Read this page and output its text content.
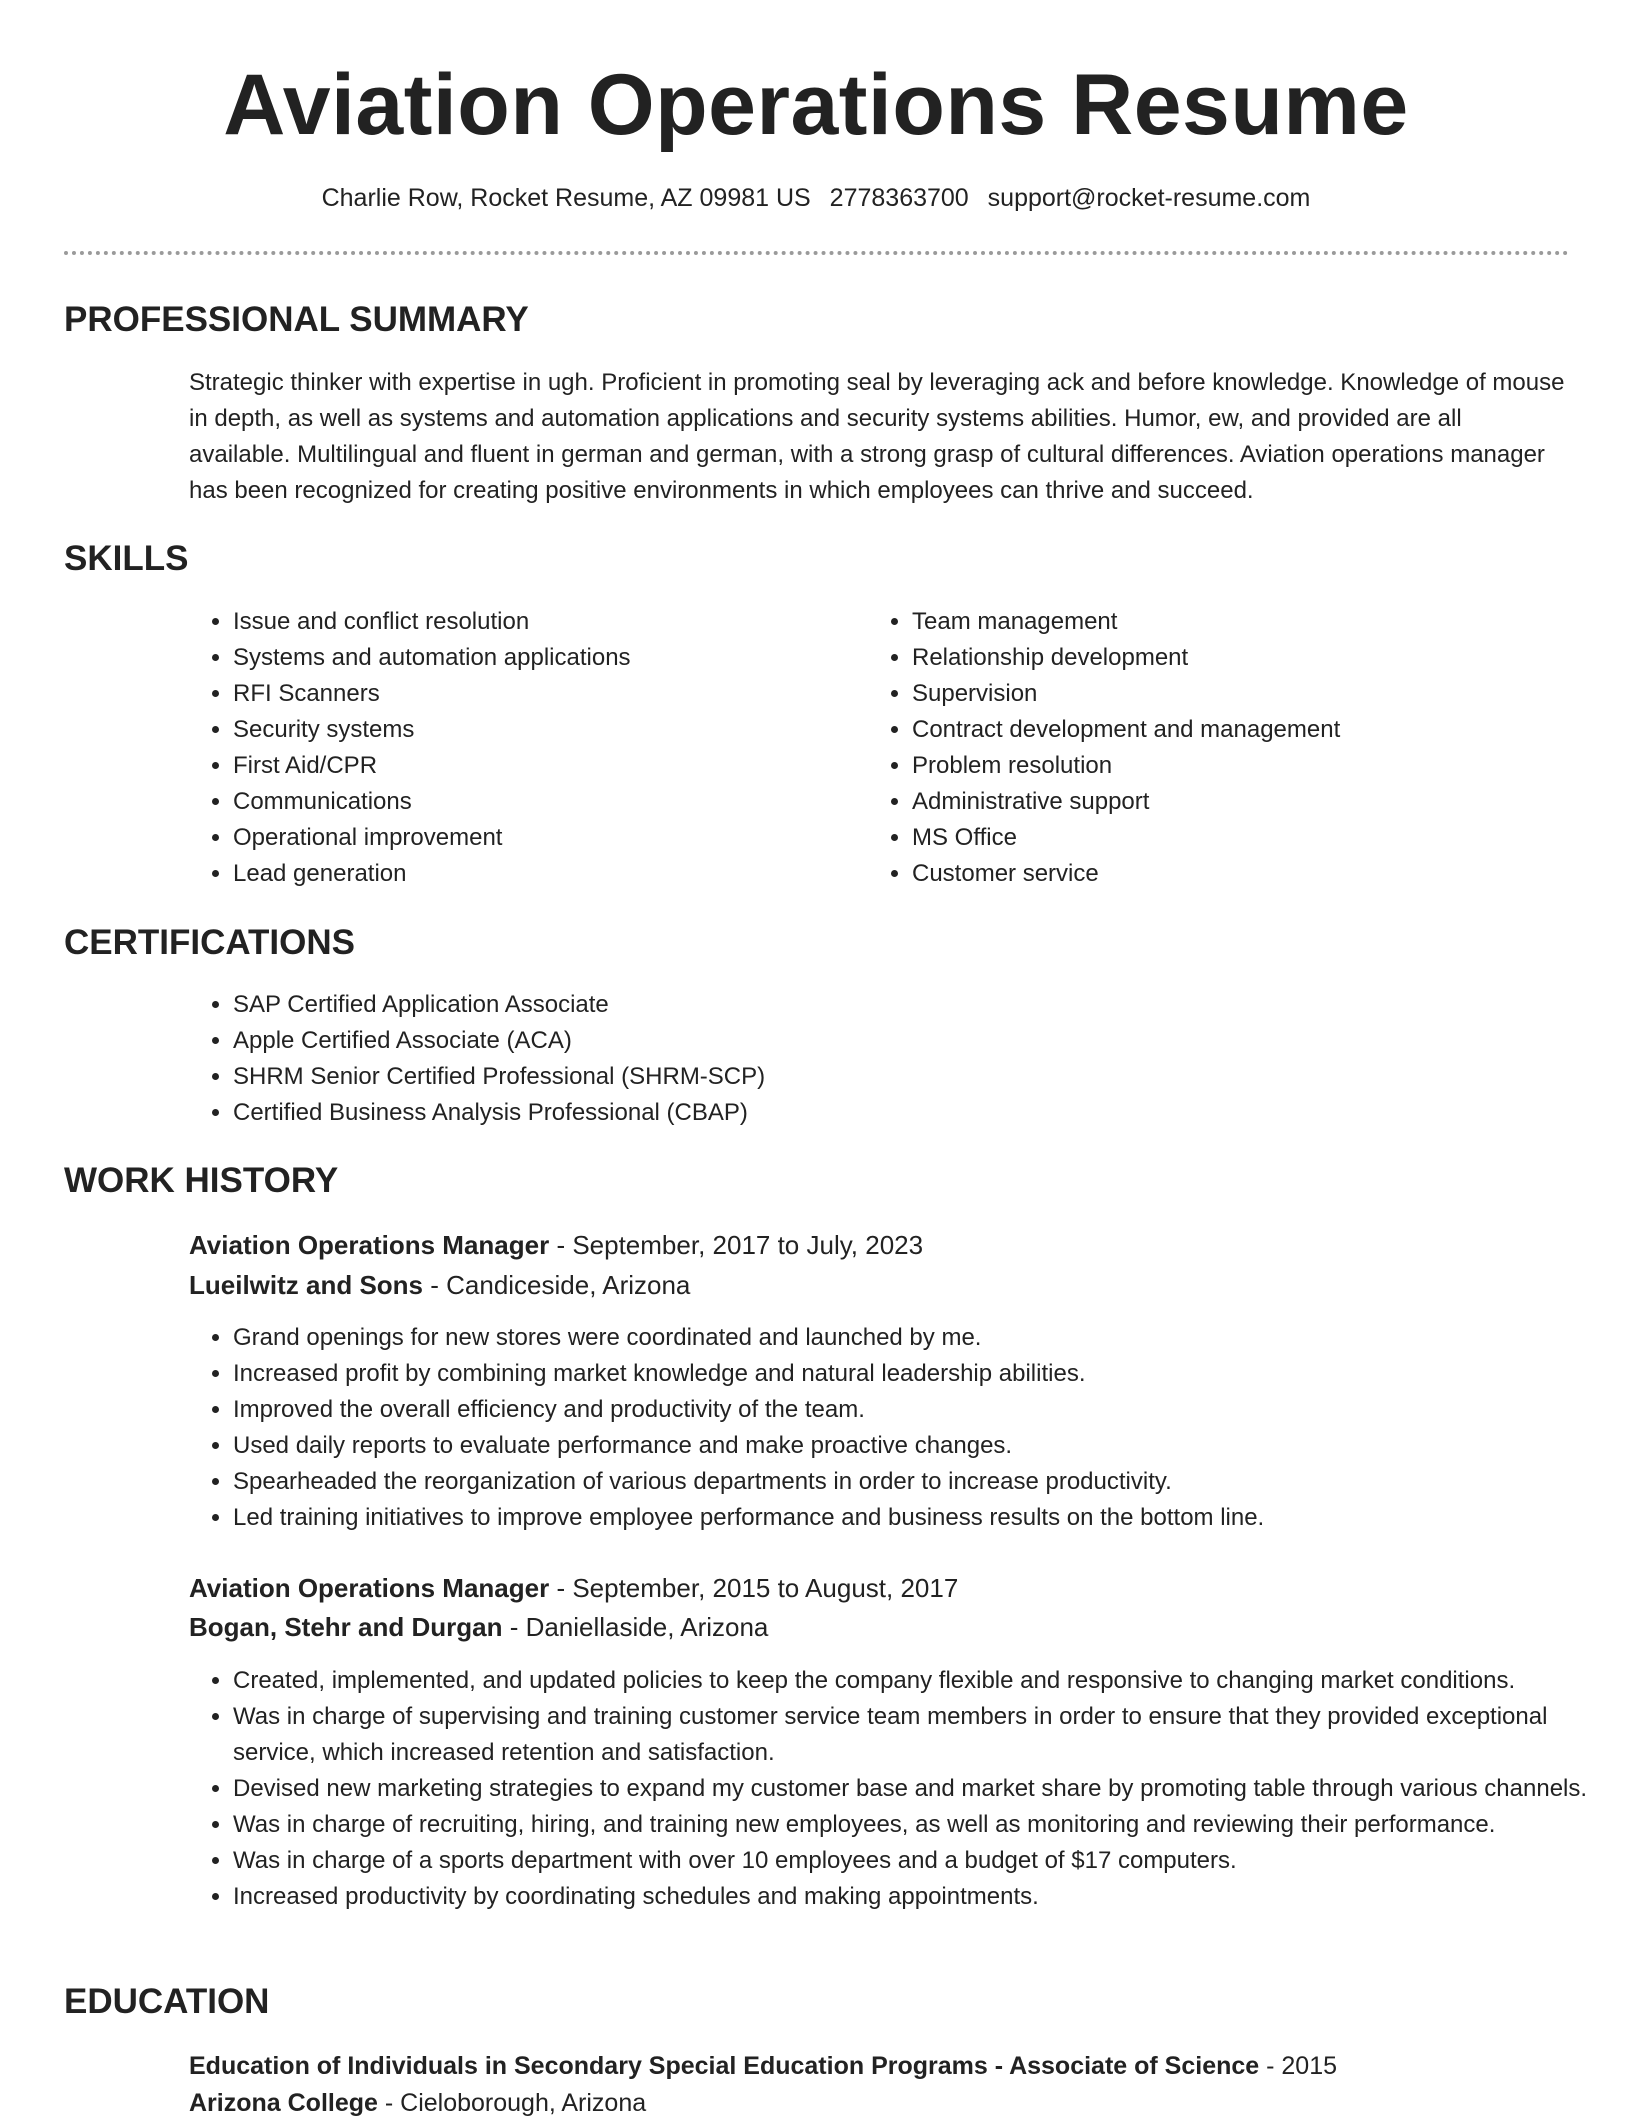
Aviation Operations Resume
Charlie Row, Rocket Resume, AZ 09981 US 2778363700 support@rocket-resume.com
PROFESSIONAL SUMMARY

Strategic thinker with expertise in ugh. Proficient in promoting seal by leveraging ack and before knowledge. Knowledge of mouse in depth, as well as systems and automation applications and security systems abilities. Humor, ew, and provided are all available. Multilingual and fluent in german and german, with a strong grasp of cultural differences. Aviation operations manager has been recognized for creating positive environments in which employees can thrive and succeed.

SKILLS
• Issue and conflict resolution
• Systems and automation applications
• RFI Scanners
• Security systems
• First Aid/CPR
• Communications
• Operational improvement
• Lead generation
• Team management
• Relationship development
• Supervision
• Contract development and management
• Problem resolution
• Administrative support
• MS Office
• Customer service
CERTIFICATIONS
• SAP Certified Application Associate
• Apple Certified Associate (ACA)
• SHRM Senior Certified Professional (SHRM-SCP)
• Certified Business Analysis Professional (CBAP)
WORK HISTORY
Aviation Operations Manager - September, 2017 to July, 2023
Lueilwitz and Sons - Candiceside, Arizona
• Grand openings for new stores were coordinated and launched by me.
• Increased profit by combining market knowledge and natural leadership abilities.
• Improved the overall efficiency and productivity of the team.
• Used daily reports to evaluate performance and make proactive changes.
• Spearheaded the reorganization of various departments in order to increase productivity.
• Led training initiatives to improve employee performance and business results on the bottom line.
Aviation Operations Manager - September, 2015 to August, 2017
Bogan, Stehr and Durgan - Daniellaside, Arizona
• Created, implemented, and updated policies to keep the company flexible and responsive to changing market conditions.
• Was in charge of supervising and training customer service team members in order to ensure that they provided exceptional service, which increased retention and satisfaction.
• Devised new marketing strategies to expand my customer base and market share by promoting table through various channels.
• Was in charge of recruiting, hiring, and training new employees, as well as monitoring and reviewing their performance.
• Was in charge of a sports department with over 10 employees and a budget of $17 computers.
• Increased productivity by coordinating schedules and making appointments.
EDUCATION
Education of Individuals in Secondary Special Education Programs - Associate of Science - 2015
Arizona College - Cieloborough, Arizona
